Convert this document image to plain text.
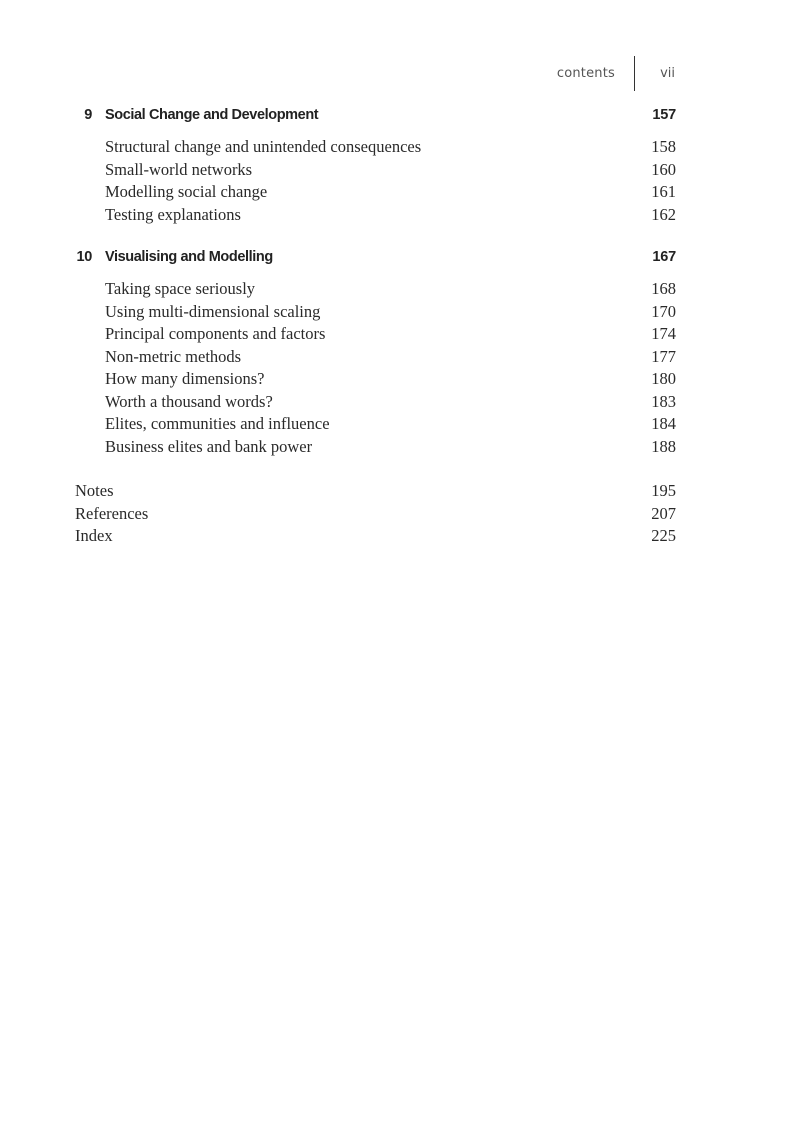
contents	vii
9 Social Change and Development	157
Structural change and unintended consequences	158
Small-world networks	160
Modelling social change	161
Testing explanations	162
10 Visualising and Modelling	167
Taking space seriously	168
Using multi-dimensional scaling	170
Principal components and factors	174
Non-metric methods	177
How many dimensions?	180
Worth a thousand words?	183
Elites, communities and influence	184
Business elites and bank power	188
Notes	195
References	207
Index	225
